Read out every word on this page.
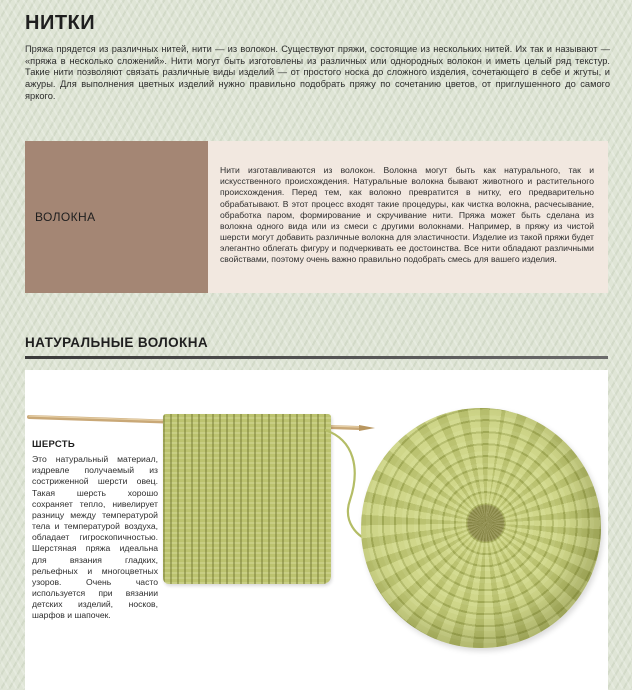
НИТКИ

Пряжа прядется из различных нитей, нити — из волокон. Существуют пряжи, состоящие из нескольких нитей. Их так и называют — «пряжа в несколько сложений». Нити могут быть изготовлены из различных или однородных волокон и иметь целый ряд текстур. Такие нити позволяют связать различные виды изделий — от простого носка до сложного изделия, сочетающего в себе и жгуты, и ажуры. Для выполнения цветных изделий нужно правильно подобрать пряжу по сочетанию цветов, от приглушенного до самого яркого.

ВОЛОКНА
Нити изготавливаются из волокон. Волокна могут быть как натурального, так и искусственного происхождения. Натуральные волокна бывают животного и растительного происхождения. Перед тем, как волокно превратится в нитку, его предварительно обрабатывают. В этот процесс входят такие процедуры, как чистка волокна, расчесывание, обработка паром, формирование и скручивание нити. Пряжа может быть сделана из волокна одного вида или из смеси с другими волокнами. Например, в пряжу из чистой шерсти могут добавить различные волокна для эластичности. Изделие из такой пряжи будет элегантно облегать фигуру и подчеркивать ее достоинства. Все нити обладают различными свойствами, поэтому очень важно правильно подобрать смесь для вашего изделия.
НАТУРАЛЬНЫЕ ВОЛОКНА
ШЕРСТЬ

Это натуральный материал, издревле получаемый из состриженной шерсти овец. Такая шерсть хорошо сохраняет тепло, нивелирует разницу между температурой тела и температурой воздуха, обладает гигроскопичностью. Шерстяная пряжа идеальна для вязания гладких, рельефных и многоцветных узоров. Очень часто используется при вязании детских изделий, носков, шарфов и шапочек.
